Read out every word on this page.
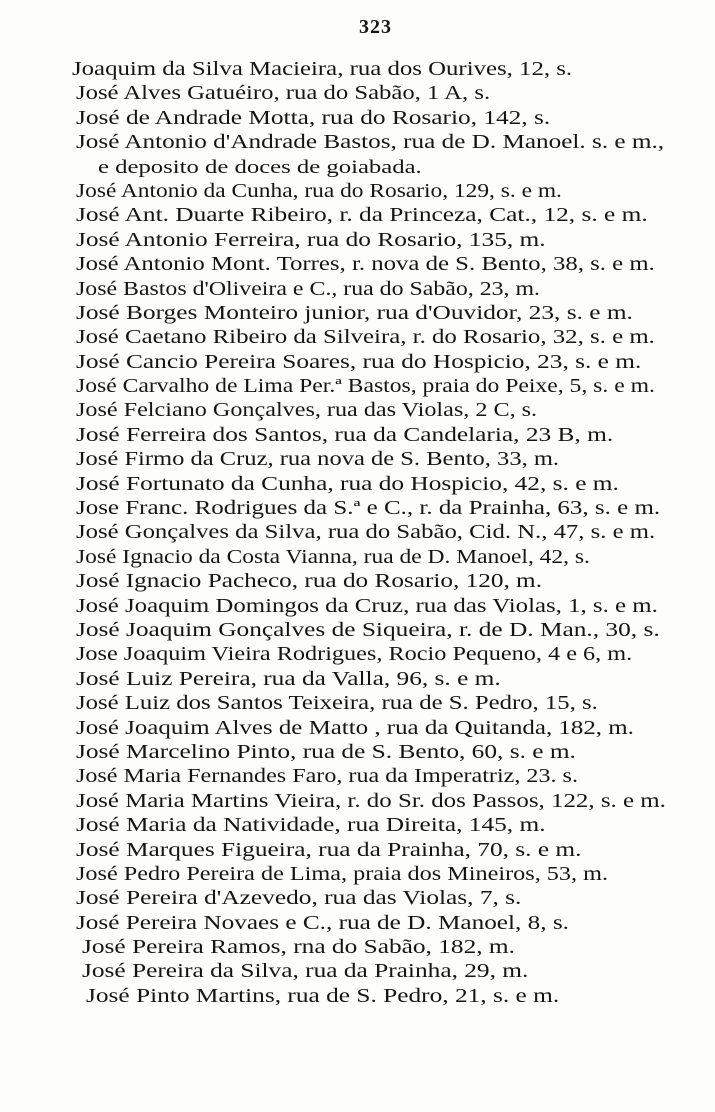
323
Joaquim da Silva Macieira, rua dos Ourives, 12, s.
José Alves Gatuéiro, rua do Sabão, 1 A, s.
José de Andrade Motta, rua do Rosario, 142, s.
José Antonio d'Andrade Bastos, rua de D. Manoel. s. e m.,
e deposito de doces de goiabada.
José Antonio da Cunha, rua do Rosario, 129, s. e m.
José Ant. Duarte Ribeiro, r. da Princeza, Cat., 12, s. e m.
José Antonio Ferreira, rua do Rosario, 135, m.
José Antonio Mont. Torres, r. nova de S. Bento, 38, s. e m.
José Bastos d'Oliveira e C., rua do Sabão, 23, m.
José Borges Monteiro junior, rua d'Ouvidor, 23, s. e m.
José Caetano Ribeiro da Silveira, r. do Rosario, 32, s. e m.
José Cancio Pereira Soares, rua do Hospicio, 23, s. e m.
José Carvalho de Lima Per.ª Bastos, praia do Peixe, 5, s. e m.
José Felciano Gonçalves, rua das Violas, 2 C, s.
José Ferreira dos Santos, rua da Candelaria, 23 B, m.
José Firmo da Cruz, rua nova de S. Bento, 33, m.
José Fortunato da Cunha, rua do Hospicio, 42, s. e m.
Jose Franc. Rodrigues da S.ª e C., r. da Prainha, 63, s. e m.
José Gonçalves da Silva, rua do Sabão, Cid. N., 47, s. e m.
José Ignacio da Costa Vianna, rua de D. Manoel, 42, s.
José Ignacio Pacheco, rua do Rosario, 120, m.
José Joaquim Domingos da Cruz, rua das Violas, 1, s. e m.
José Joaquim Gonçalves de Siqueira, r. de D. Man., 30, s.
Jose Joaquim Vieira Rodrigues, Rocio Pequeno, 4 e 6, m.
José Luiz Pereira, rua da Valla, 96, s. e m.
José Luiz dos Santos Teixeira, rua de S. Pedro, 15, s.
José Joaquim Alves de Matto , rua da Quitanda, 182, m.
José Marcelino Pinto, rua de S. Bento, 60, s. e m.
José Maria Fernandes Faro, rua da Imperatriz, 23. s.
José Maria Martins Vieira, r. do Sr. dos Passos, 122, s. e m.
José Maria da Natividade, rua Direita, 145, m.
José Marques Figueira, rua da Prainha, 70, s. e m.
José Pedro Pereira de Lima, praia dos Mineiros, 53, m.
José Pereira d'Azevedo, rua das Violas, 7, s.
José Pereira Novaes e C., rua de D. Manoel, 8, s.
José Pereira Ramos, rna do Sabão, 182, m.
José Pereira da Silva, rua da Prainha, 29, m.
José Pinto Martins, rua de S. Pedro, 21, s. e m.
